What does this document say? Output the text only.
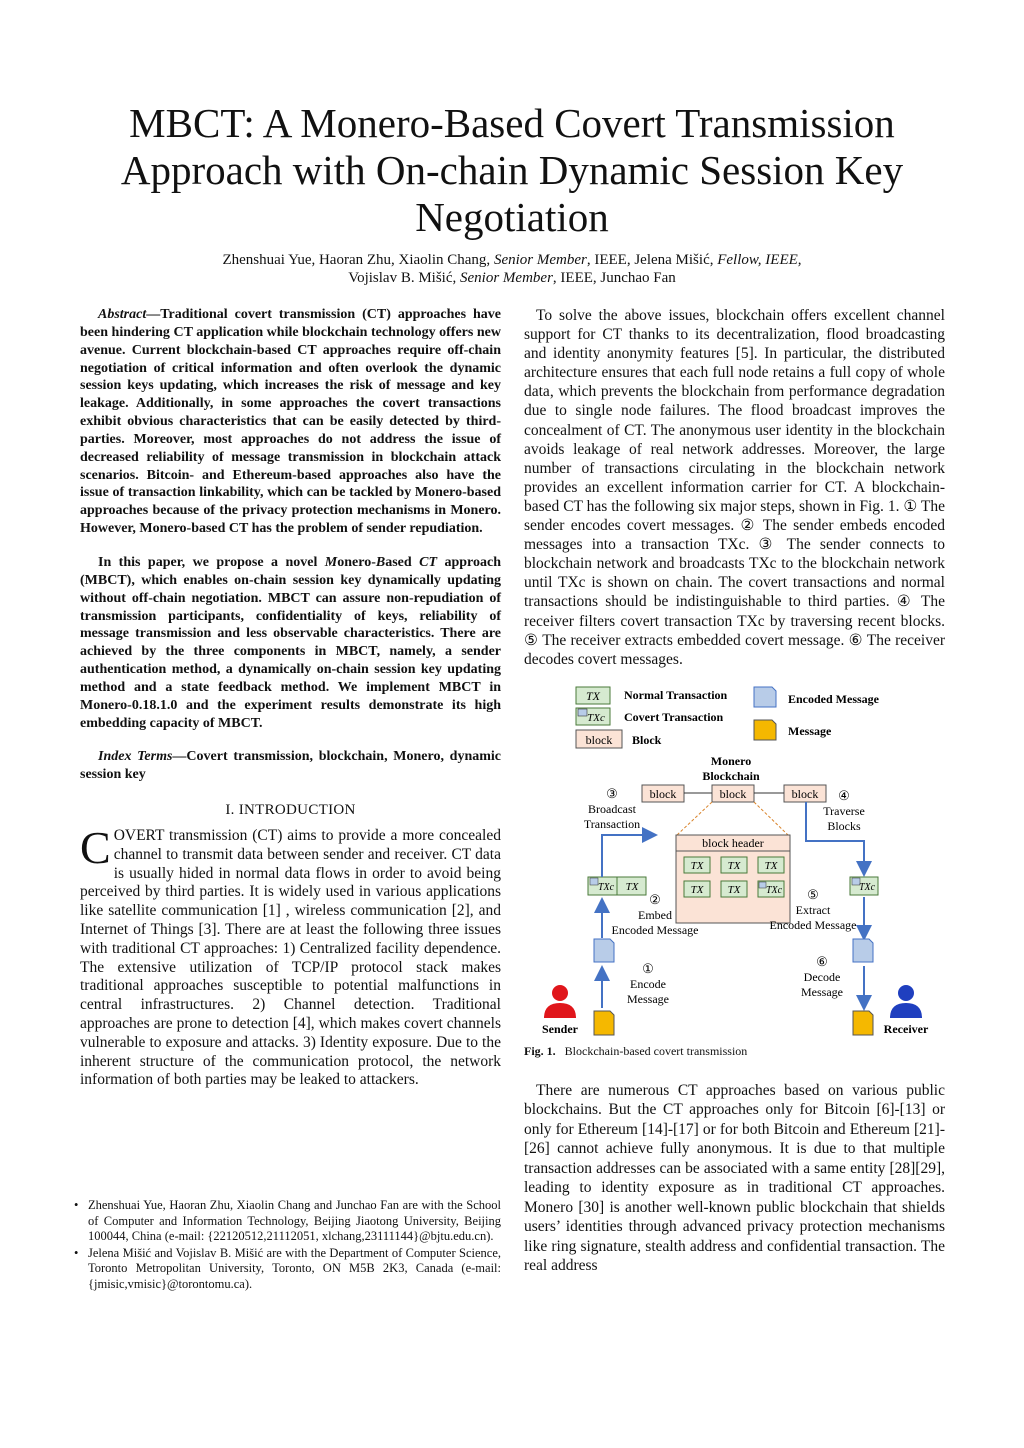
MBCT: A Monero-Based Covert Transmission Approach with On-chain Dynamic Session Key Negotiation
Zhenshuai Yue, Haoran Zhu, Xiaolin Chang, Senior Member, IEEE, Jelena Mišić, Fellow, IEEE,
Vojislav B. Mišić, Senior Member, IEEE, Junchao Fan

Abstract—Traditional covert transmission (CT) approaches have been hindering CT application while blockchain technology offers new avenue. Current blockchain-based CT approaches require off-chain negotiation of critical information and often overlook the dynamic session keys updating, which increases the risk of message and key leakage. Additionally, in some approaches the covert transactions exhibit obvious characteristics that can be easily detected by third-parties. Moreover, most approaches do not address the issue of decreased reliability of message transmission in blockchain attack scenarios. Bitcoin- and Ethereum-based approaches also have the issue of transaction linkability, which can be tackled by Monero-based approaches because of the privacy protection mechanisms in Monero. However, Monero-based CT has the problem of sender repudiation.

In this paper, we propose a novel Monero-Based CT approach (MBCT), which enables on-chain session key dynamically updating without off-chain negotiation. MBCT can assure non-repudiation of transmission participants, confidentiality of keys, reliability of message transmission and less observable characteristics. There are achieved by the three components in MBCT, namely, a sender authentication method, a dynamically on-chain session key updating method and a state feedback method. We implement MBCT in Monero-0.18.1.0 and the experiment results demonstrate its high embedding capacity of MBCT.

Index Terms—Covert transmission, blockchain, Monero, dynamic session key

I. INTRODUCTION

COVERT transmission (CT) aims to provide a more concealed channel to transmit data between sender and receiver. CT data is usually hided in normal data flows in order to avoid being perceived by third parties. It is widely used in various applications like satellite communication [1] , wireless communication [2], and Internet of Things [3]. There are at least the following three issues with traditional CT approaches: 1) Centralized facility dependence. The extensive utilization of TCP/IP protocol stack makes traditional approaches susceptible to potential malfunctions in central infrastructures. 2) Channel detection. Traditional approaches are prone to detection [4], which makes covert channels vulnerable to exposure and attacks. 3) Identity exposure. Due to the inherent structure of the communication protocol, the network information of both parties may be leaked to attackers.

• Zhenshuai Yue, Haoran Zhu, Xiaolin Chang and Junchao Fan are with the School of Computer and Information Technology, Beijing Jiaotong University, Beijing 100044, China (e-mail: {22120512,21112051, xlchang,23111144}@bjtu.edu.cn).
• Jelena Mišić and Vojislav B. Mišić are with the Department of Computer Science, Toronto Metropolitan University, Toronto, ON M5B 2K3, Canada (e-mail: {jmisic,vmisic}@torontomu.ca).

To solve the above issues, blockchain offers excellent channel support for CT thanks to its decentralization, flood broadcasting and identity anonymity features [5]. In particular, the distributed architecture ensures that each full node retains a full copy of whole data, which prevents the blockchain from performance degradation due to single node failures. The flood broadcast improves the concealment of CT. The anonymous user identity in the blockchain avoids leakage of real network addresses. Moreover, the large number of transactions circulating in the blockchain network provides an excellent information carrier for CT. A blockchain-based CT has the following six major steps, shown in Fig. 1. ① The sender encodes covert messages. ② The sender embeds encoded messages into a transaction TXc. ③ The sender connects to blockchain network and broadcasts TXc to the blockchain network until TXc is shown on chain. The covert transactions and normal transactions should be indistinguishable to third parties. ④ The receiver filters covert transaction TXc by traversing recent blocks. ⑤ The receiver extracts embedded covert message. ⑥ The receiver decodes covert messages.

TX
TXc
block
Normal Transaction
Covert Transaction
Block
Encoded Message
Message
Monero
Blockchain
block	block	block
block header
TX TX TX
TX TX	TXc
③
Broadcast
Transaction
④
Traverse
Blocks
TXc TX	TXc
②
Embed
Encoded Message
⑤
Extract
Encoded Message
①
Encode
Message
⑥
Decode
Message
Sender	Receiver

Fig. 1. Blockchain-based covert transmission

There are numerous CT approaches based on various public blockchains. But the CT approaches only for Bitcoin [6]-[13] or only for Ethereum [14]-[17] or for both Bitcoin and Ethereum [21]-[26] cannot achieve fully anonymous. It is due to that multiple transaction addresses can be associated with a same entity [28][29], leading to identity exposure as in traditional CT approaches. Monero [30] is another well-known public blockchain that shields users’ identities through advanced privacy protection mechanisms like ring signature, stealth address and confidential transaction. The real address
